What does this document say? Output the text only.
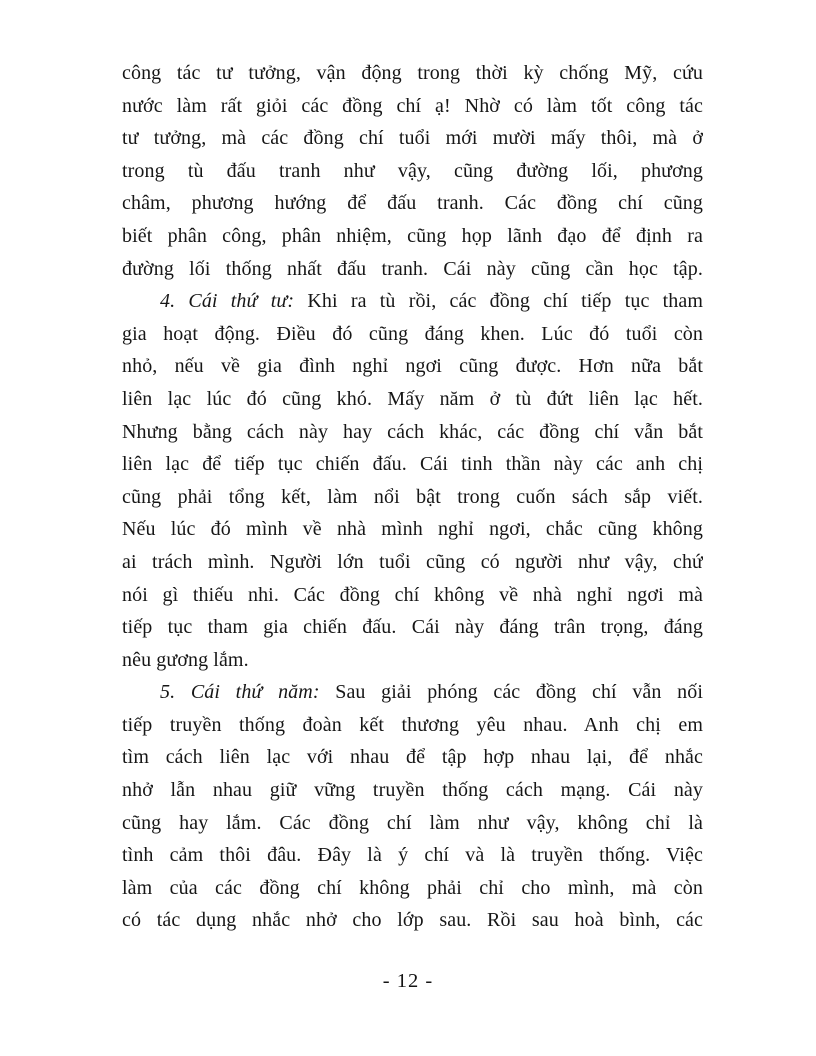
công tác tư tưởng, vận động trong thời kỳ chống Mỹ, cứu
nước làm rất giỏi các đồng chí ạ! Nhờ có làm tốt công tác
tư tưởng, mà các đồng chí tuổi mới mười mấy thôi, mà ở
trong tù đấu tranh như vậy, cũng đường lối, phương
châm, phương hướng để đấu tranh. Các đồng chí cũng
biết phân công, phân nhiệm, cũng họp lãnh đạo để định ra
đường lối thống nhất đấu tranh. Cái này cũng cần học tập.
4. Cái thứ tư: Khi ra tù rồi, các đồng chí tiếp tục tham
gia hoạt động. Điều đó cũng đáng khen. Lúc đó tuổi còn
nhỏ, nếu về gia đình nghỉ ngơi cũng được. Hơn nữa bắt
liên lạc lúc đó cũng khó. Mấy năm ở tù đứt liên lạc hết.
Nhưng bằng cách này hay cách khác, các đồng chí vẫn bắt
liên lạc để tiếp tục chiến đấu. Cái tinh thần này các anh chị
cũng phải tổng kết, làm nổi bật trong cuốn sách sắp viết.
Nếu lúc đó mình về nhà mình nghỉ ngơi, chắc cũng không
ai trách mình. Người lớn tuổi cũng có người như vậy, chứ
nói gì thiếu nhi. Các đồng chí không về nhà nghỉ ngơi mà
tiếp tục tham gia chiến đấu. Cái này đáng trân trọng, đáng
nêu gương lắm.
5. Cái thứ năm: Sau giải phóng các đồng chí vẫn nối
tiếp truyền thống đoàn kết thương yêu nhau. Anh chị em
tìm cách liên lạc với nhau để tập hợp nhau lại, để nhắc
nhở lẫn nhau giữ vững truyền thống cách mạng. Cái này
cũng hay lắm. Các đồng chí làm như vậy, không chỉ là
tình cảm thôi đâu. Đây là ý chí và là truyền thống. Việc
làm của các đồng chí không phải chỉ cho mình, mà còn
có tác dụng nhắc nhở cho lớp sau. Rồi sau hoà bình, các
- 12 -
